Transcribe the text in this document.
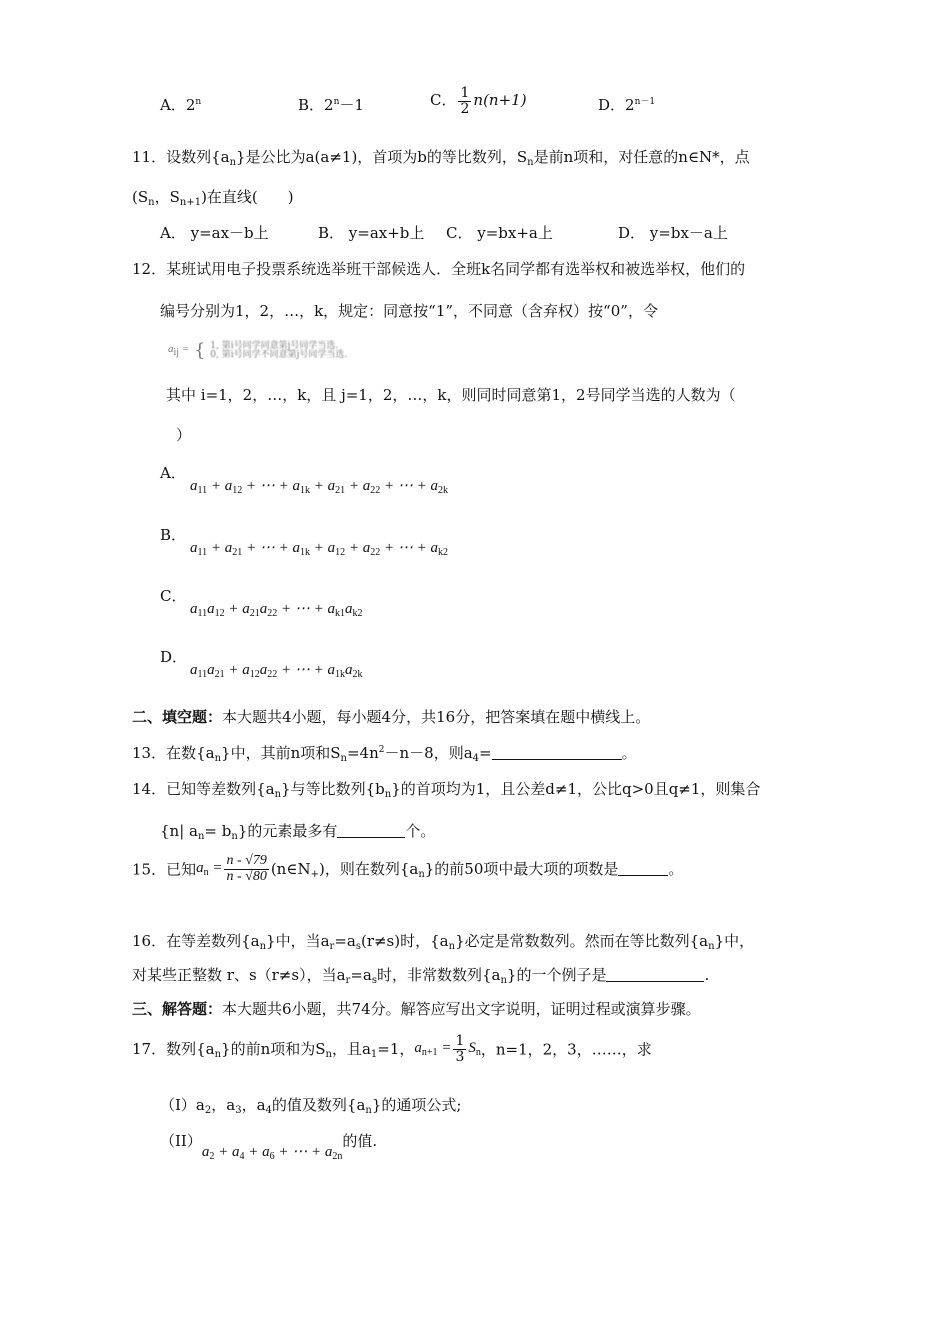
A．2$^n$	B．$2^n-1$	C． $\frac{1}{2} n(n+1)$	D．$2^{n-1}$
11．设数列$\{a_n\}$是公比为a(a≠1)，首项为b的等比数列，$S_n$是前n项和，对任意的n∈N*，点
($S_n$，$S_{n+1}$)在直线(　　)
A． y=ax－b上	B． y=ax+b上 C． y=bx+a上	D． y=bx－a上
12．某班试用电子投票系统选举班干部候选人．全班k名同学都有选举权和被选举权，他们的
编号分别为1，2，…，k，规定：同意按“1”，不同意（含弃权）按“0”，令
$a_{ij}$ = { 1, 第i号同学同意第j号同学当选.
0, 第i号同学不同意第j号同学当选.
其中 i=1，2，…，k，且 j=1，2，…，k，则同时同意第1，2号同学当选的人数为（
）
A．
$a_{11} + a_{12}$ + ⋯ + $a_{1k} + a_{21} + a_{22}$ + ⋯ + $a_{2k}$
B．
$a_{11} + a_{21}$ + ⋯ + $a_{1k} + a_{12} + a_{22}$ + ⋯ + $a_{k2}$
C．
$a_{11}a_{12} + a_{21}a_{22}$ + ⋯ + $a_{k1}a_{k2}$
D．
$a_{11}a_{21} + a_{12}a_{22}$ + ⋯ + $a_{1k}a_{2k}$
二、填空题：本大题共4小题，每小题4分，共16分，把答案填在题中横线上。
13．在数$\{a_n\}$中，其前n项和$S_n=4n^2-n-8$，则$a_4=$	。
14．已知等差数列$\{a_n\}$与等比数列$\{b_n\}$的首项均为1，且公差d≠1，公比q>0且q≠1，则集合
{n| $a_n= b_n$}的元素最多有	个。
15．已知$a_n = \frac{n - √79}{n - √80}$ $(n\in N_+)$，则在数列$\{a_n\}$的前50项中最大项的项数是	。
16．在等差数列$\{a_n\}$中，当$a_r=a_s(r\ne s)$时，$\{a_n\}$必定是常数数列。然而在等比数列$\{a_n\}$中，
对某些正整数 r、s（r≠s），当$a_r=a_s$时，非常数数列$\{a_n\}$的一个例子是	.
三、解答题：本大题共6小题，共74分。解答应写出文字说明，证明过程或演算步骤。
17．数列$\{a_n\}$的前n项和为$S_n$，且$a_1=1$，$a_{n+1} = \frac{1}{3} S_n$，n=1，2，3，……，求
$(I)a_2$，$a_3$，$a_4$的值及数列$\{a_n\}$的通项公式;
$(II)a_2 + a_4 + a_6$ + ⋯ + $a_{2n}$的值.
